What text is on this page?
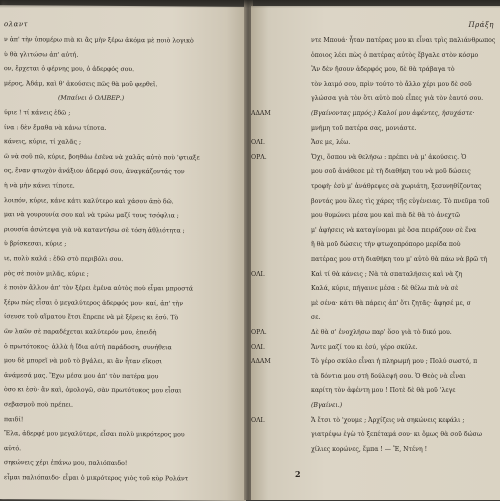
ολαντ
ν ἀπ' τὴν ὑπομέρω πιὰ κι ἂς μὴν ξέρω ἀκόμα μὲ ποιὸ λογικὸ
ὺ θὰ γλιτώσω ἀπ' αὐτή.
ον, ἔρχεται ὁ φέρνης μου, ὁ ἀδερφός σου.
μέρος, Ἀδάμ, καὶ θ' ἀκούσεις πῶς θὰ μοῦ φερθεῖ.
(Μπαίνει ὁ ΟΛΙΒΕΡ.)
ύριε ! τί κάνεις ἐδῶ ;
ίνα : δὲν ἔμαθα νὰ κάνω τίποτα.
κάνεις, κύριε, τί χαλᾶς ;
ῶ νὰ σοῦ πῶ, κύριε, βοηθάω ἐσένα νὰ χαλᾶς αὐτὸ ποὺ 'φτιαξε
ος, ἕναν φτωχὸν ἀνάξιον ἀδερφό σου, ἀναγκάζοντάς τον
ὴ νὰ μὴν κάνει τίποτε.
λοιπόν, κύριε, κάνε κάτι καλύτερο καὶ χάσου ἀπὸ δῶ.
μαι νὰ γουρουνία σου καὶ νὰ τρώω μαζί τους τσόφλια ;
ριουσία ἀσώτεψα γιὰ νὰ καταντήσω σὲ τόση ἀθλιότητα ;
ὺ βρίσκεσαι, κύριε ;
ιε, πολὺ καλά : ἐδῶ στὸ περιβόλι σου.
ρὸς σὲ ποιὸν μιλᾶς, κύριε ;
ὲ ποιὸν ἄλλον ἀπ' τὸν ξέρει ἐμένα αὐτὸς ποὺ εἶμαι μπροστά
ξέρω πὼς εἶσαι ὁ μεγαλύτερος ἀδερφός μου· καί, ἀπ' τὴν
ίσευσε τοῦ αἵματου ἔτσι ἔπρεπε νὰ μὲ ξέρεις κι ἐσύ. Τὸ
ῶν λαῶν σὲ παραδέχεται καλύτερόν μου, ἐπειδὴ
ὁ πρωτότοκος· ἀλλὰ ἡ ἴδια αὐτὴ παράδοση, συνήθεια
μου δὲ μπορεῖ νὰ μοῦ τὸ βγάλει, κι ἂν ἦταν εἴκοσι
ἀνάμεσά μας. Ἔχω μέσα μου ἀπ' τὸν πατέρα μου
ὸσο κι ἐσὺ· ἂν καὶ, ὁμολογῶ, σὰν πρωτότοκος μου εἶσαι
σεβασμοῦ ποὺ πρέπει.
παιδί!
Ἔλα, ἀδερφέ μου μεγαλύτερε, εἶσαι πολὺ μικρότερος μου
αὐτό.
σηκώνεις χέρι ἐπάνω μου, παλιόπαιδο!
εἶμαι παλιόπαιδο· εἶμαι ὁ μικρότερος γιὸς τοῦ κὺρ Ρολάντ
Πράξη
ντε Μπουά· ἦταν πατέρας μου κι εἶναι τρὶς παλιάνθρωπος
ὁποιος λέει πὼς ὁ πατέρας αὐτὸς ἔβγαλε στὸν κόσμο
Ἂν δὲν ἤσουν ἀδερφός μου, δὲ θὰ τράβαγα τὸ
τὸν λαιμό σου, πρὶν τούτο τὸ ἄλλο χέρι μου δὲ σοῦ
γλώσσα γιὰ τὸν ὅτι αὐτὸ ποὺ εἶπες γιὰ τὸν ἑαυτό σου.
ΑΔΑΜ	(Βγαίνοντας μπρός.) Καλοί μου ἀφέντες, ἡσυχάστε·
μνήμη τοῦ πατέρα σας, μονιάστε.
ΟΛΙ.	Ἄσε με, λέω.
ΟΡΛ.	Ὄχι, ὅσπου νὰ θελήσω : πρέπει νὰ μ' ἀκούσεις. Ὁ
μου σοῦ ἀνάθεσε μὲ τὴ διαθήκη του νὰ μοῦ δώσεις
τροφὴ· ἐσὺ μ' ἀνάθρεψες σὰ χωριάτη, ξεσυνηθίζοντας
βοντάς μου ὅλες τὶς χάρες τῆς εὐγένειας. Τὸ πνεῦμα τοῦ
μου θυμώνει μέσα μου καὶ πιὰ δὲ θὰ τὸ ἀνεχτῶ
μ' ἀφήσεις νὰ καταγίνομαι μὲ ὅσα πειράζουν σὲ ἕνα
ἢ θὰ μοῦ δώσεις τὴν φτωχοπρόπορο μερίδα ποὺ
πατέρας μου στὴ διαθήκη του μ' αὐτὸ θὰ πάω νὰ βρῶ τὴ
ΟΛΙ.	Καὶ τί θὰ κάνεις ; Νὰ τὰ σπαταλήσεις καὶ νὰ ζη
Καλά, κύριε, πήγαινε μέσα : δὲ θέλω πιὰ νὰ σὲ
μὲ σένα· κάτι θὰ πάρεις ἀπ' ὅτι ζητᾶς· ἄφησέ με, σ
σε.
ΟΡΛ.	Δὲ θὰ σ' ἐνοχλήσω παρ' ὅσο γιὰ τὸ δικό μου.
ΟΛΙ.	Ἄντε μαζί του κι ἐσύ, γέρο σκύλε.
ΑΔΑΜ	Τὸ γέρο σκύλο εἶναι ἡ πληρωμή μου ; Πολύ σωστό, π
τὰ δόντια μου στὴ δούλεψή σου. Ὁ Θεὸς νὰ εἶναι
καρίτη τὸν ἀφέντη μου ! Ποτὲ δὲ θὰ μοῦ 'λεγε
(Βγαίνει.)
ΟΛΙ.	Ἄ ἔτσι τὸ 'χουμε ; Ἀρχίζεις νὰ σηκώνεις κεφάλι ;
γιατρέψω ἐγὼ τὸ ξεπέταμά σου· κι ὅμως θὰ σοῦ δώσω
χίλιες κορώνες, ἔμπα ! — Ἔ, Ντένη !
2
